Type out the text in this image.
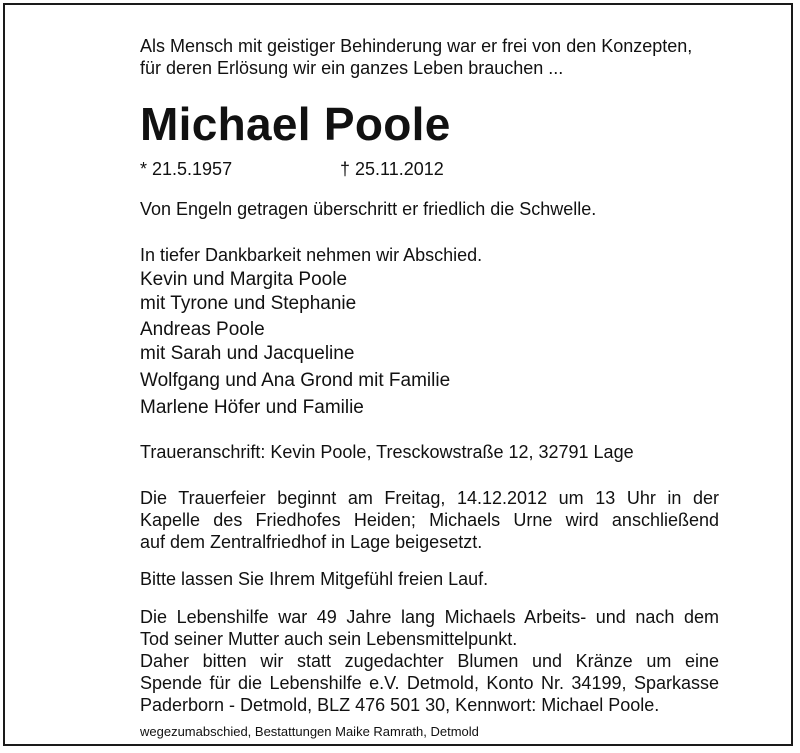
Als Mensch mit geistiger Behinderung war er frei von den Konzepten,
für deren Erlösung wir ein ganzes Leben brauchen ...
Michael Poole
* 21.5.1957	† 25.11.2012
Von Engeln getragen überschritt er friedlich die Schwelle.
In tiefer Dankbarkeit nehmen wir Abschied.
Kevin und Margita Poole
mit Tyrone und Stephanie
Andreas Poole
mit Sarah und Jacqueline
Wolfgang und Ana Grond mit Familie
Marlene Höfer und Familie
Traueranschrift: Kevin Poole, Tresckowstraße 12, 32791 Lage
Die Trauerfeier beginnt am Freitag, 14.12.2012 um 13 Uhr in der
Kapelle des Friedhofes Heiden; Michaels Urne wird anschließend
auf dem Zentralfriedhof in Lage beigesetzt.
Bitte lassen Sie Ihrem Mitgefühl freien Lauf.
Die Lebenshilfe war 49 Jahre lang Michaels Arbeits- und nach dem
Tod seiner Mutter auch sein Lebensmittelpunkt.
Daher bitten wir statt zugedachter Blumen und Kränze um eine
Spende für die Lebenshilfe e.V. Detmold, Konto Nr. 34199, Sparkasse
Paderborn - Detmold, BLZ 476 501 30, Kennwort: Michael Poole.
wegezumabschied, Bestattungen Maike Ramrath, Detmold
